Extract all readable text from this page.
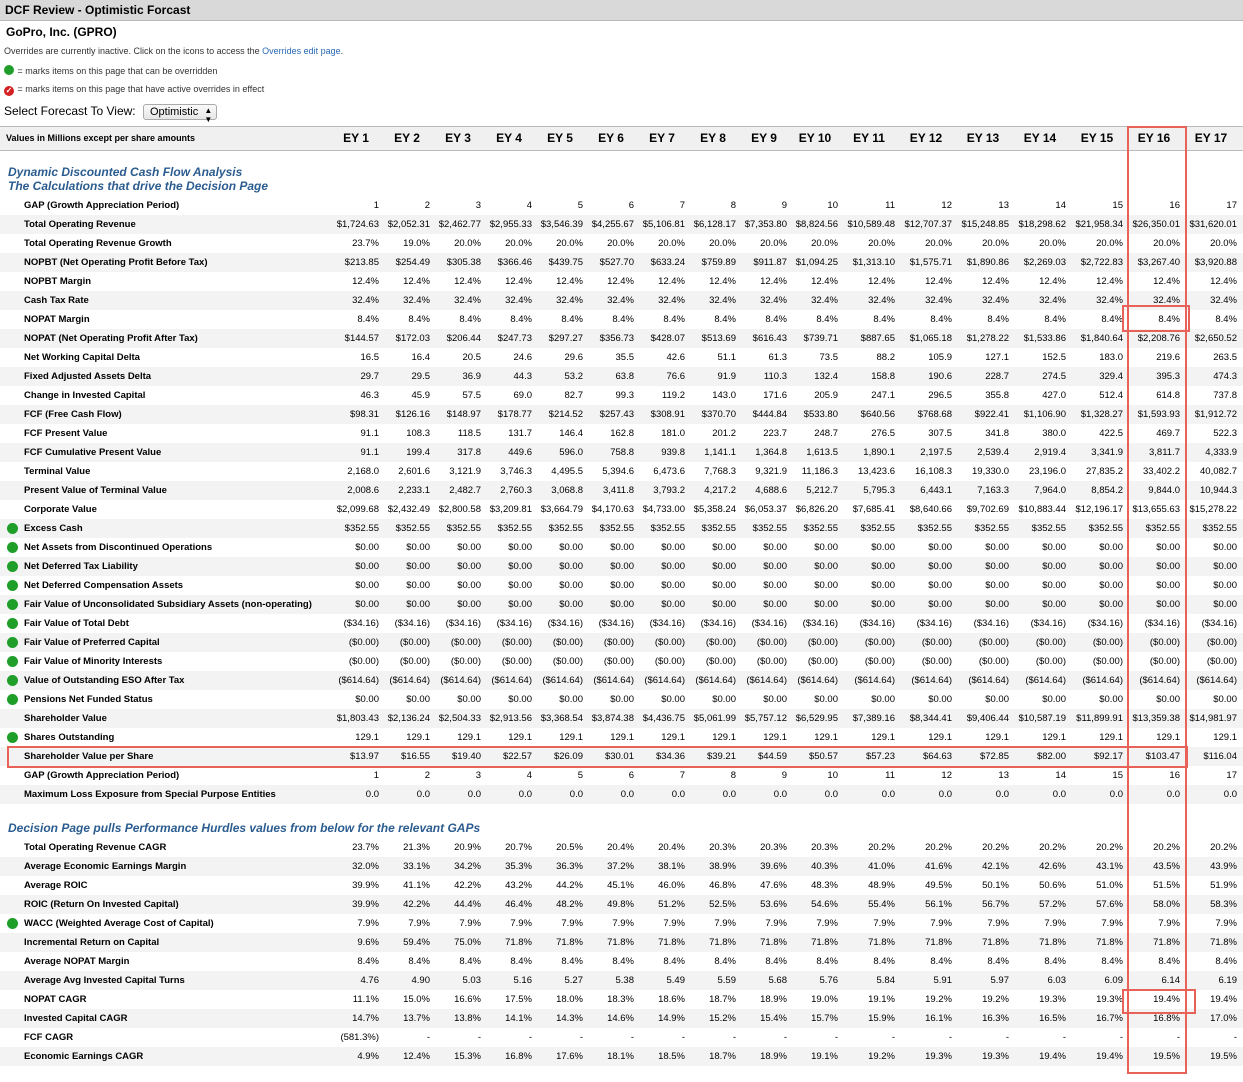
DCF Review - Optimistic Forcast
GoPro, Inc. (GPRO)
Overrides are currently inactive. Click on the icons to access the Overrides edit page.
= marks items on this page that can be overridden
✓ = marks items on this page that have active overrides in effect
Select Forecast To View: Optimistic ▲
▼
Values in Millions except per share amounts	EY 1	EY 2	EY 3	EY 4	EY 5	EY 6	EY 7	EY 8	EY 9	EY 10	EY 11	EY 12	EY 13	EY 14	EY 15	EY 16	EY 17
Dynamic Discounted Cash Flow Analysis
The Calculations that drive the Decision Page
GAP (Growth Appreciation Period)	1	2	3	4	5	6	7	8	9	10	11	12	13	14	15	16	17
Total Operating Revenue	$1,724.63 $2,052.31 $2,462.77 $2,955.33 $3,546.39 $4,255.67 $5,106.81 $6,128.17 $7,353.80 $8,824.56 $10,589.48 $12,707.37 $15,248.85 $18,298.62 $21,958.34 $26,350.01 $31,620.01
Total Operating Revenue Growth	23.7%	19.0%	20.0%	20.0%	20.0%	20.0%	20.0%	20.0%	20.0%	20.0%	20.0%	20.0%	20.0%	20.0%	20.0%	20.0%	20.0%
NOPBT (Net Operating Profit Before Tax)	$213.85 $254.49 $305.38 $366.46 $439.75 $527.70 $633.24 $759.89 $911.87 $1,094.25 $1,313.10 $1,575.71 $1,890.86 $2,269.03 $2,722.83 $3,267.40 $3,920.88
NOPBT Margin	12.4%	12.4%	12.4%	12.4%	12.4%	12.4%	12.4%	12.4%	12.4%	12.4%	12.4%	12.4%	12.4%	12.4%	12.4%	12.4%	12.4%
Cash Tax Rate	32.4%	32.4%	32.4%	32.4%	32.4%	32.4%	32.4%	32.4%	32.4%	32.4%	32.4%	32.4%	32.4%	32.4%	32.4%	32.4%	32.4%
NOPAT Margin	8.4%	8.4%	8.4%	8.4%	8.4%	8.4%	8.4%	8.4%	8.4%	8.4%	8.4%	8.4%	8.4%	8.4%	8.4%	8.4%	8.4%
NOPAT (Net Operating Profit After Tax)	$144.57 $172.03 $206.44 $247.73 $297.27 $356.73 $428.07 $513.69 $616.43 $739.71 $887.65 $1,065.18 $1,278.22 $1,533.86 $1,840.64 $2,208.76 $2,650.52
Net Working Capital Delta	16.5	16.4	20.5	24.6	29.6	35.5	42.6	51.1	61.3	73.5	88.2	105.9	127.1	152.5	183.0	219.6	263.5
Fixed Adjusted Assets Delta	29.7	29.5	36.9	44.3	53.2	63.8	76.6	91.9	110.3	132.4	158.8	190.6	228.7	274.5	329.4	395.3	474.3
Change in Invested Capital	46.3	45.9	57.5	69.0	82.7	99.3	119.2	143.0	171.6	205.9	247.1	296.5	355.8	427.0	512.4	614.8	737.8
FCF (Free Cash Flow)	$98.31 $126.16 $148.97 $178.77 $214.52 $257.43 $308.91 $370.70 $444.84 $533.80 $640.56 $768.68 $922.41 $1,106.90 $1,328.27 $1,593.93 $1,912.72
FCF Present Value	91.1	108.3	118.5	131.7	146.4	162.8	181.0	201.2	223.7	248.7	276.5	307.5	341.8	380.0	422.5	469.7	522.3
FCF Cumulative Present Value	91.1	199.4	317.8	449.6	596.0	758.8	939.8 1,141.1 1,364.8 1,613.5	1,890.1	2,197.5	2,539.4	2,919.4	3,341.9	3,811.7	4,333.9
Terminal Value	2,168.0 2,601.6 3,121.9 3,746.3 4,495.5 5,394.6 6,473.6 7,768.3 9,321.9 11,186.3 13,423.6 16,108.3 19,330.0 23,196.0 27,835.2 33,402.2 40,082.7
Present Value of Terminal Value	2,008.6 2,233.1 2,482.7 2,760.3 3,068.8 3,411.8 3,793.2 4,217.2 4,688.6 5,212.7	5,795.3	6,443.1	7,163.3	7,964.0	8,854.2	9,844.0 10,944.3
Corporate Value	$2,099.68 $2,432.49 $2,800.58 $3,209.81 $3,664.79 $4,170.63 $4,733.00 $5,358.24 $6,053.37 $6,826.20 $7,685.41 $8,640.66 $9,702.69 $10,883.44 $12,196.17 $13,655.63 $15,278.22
Excess Cash	$352.55 $352.55 $352.55 $352.55 $352.55 $352.55 $352.55 $352.55 $352.55 $352.55 $352.55 $352.55 $352.55 $352.55 $352.55 $352.55 $352.55
Net Assets from Discontinued Operations	$0.00	$0.00	$0.00	$0.00	$0.00	$0.00	$0.00	$0.00	$0.00	$0.00	$0.00	$0.00	$0.00	$0.00	$0.00	$0.00	$0.00
Net Deferred Tax Liability	$0.00	$0.00	$0.00	$0.00	$0.00	$0.00	$0.00	$0.00	$0.00	$0.00	$0.00	$0.00	$0.00	$0.00	$0.00	$0.00	$0.00
Net Deferred Compensation Assets	$0.00	$0.00	$0.00	$0.00	$0.00	$0.00	$0.00	$0.00	$0.00	$0.00	$0.00	$0.00	$0.00	$0.00	$0.00	$0.00	$0.00
Fair Value of Unconsolidated Subsidiary Assets (non-operating)	$0.00	$0.00	$0.00	$0.00	$0.00	$0.00	$0.00	$0.00	$0.00	$0.00	$0.00	$0.00	$0.00	$0.00	$0.00	$0.00	$0.00
Fair Value of Total Debt	($34.16) ($34.16) ($34.16) ($34.16) ($34.16) ($34.16) ($34.16) ($34.16) ($34.16) ($34.16) ($34.16) ($34.16) ($34.16) ($34.16) ($34.16) ($34.16) ($34.16)
Fair Value of Preferred Capital	($0.00) ($0.00) ($0.00) ($0.00) ($0.00) ($0.00) ($0.00) ($0.00) ($0.00) ($0.00)	($0.00)	($0.00)	($0.00)	($0.00)	($0.00)	($0.00)	($0.00)
Fair Value of Minority Interests	($0.00) ($0.00) ($0.00) ($0.00) ($0.00) ($0.00) ($0.00) ($0.00) ($0.00) ($0.00)	($0.00)	($0.00)	($0.00)	($0.00)	($0.00)	($0.00)	($0.00)
Value of Outstanding ESO After Tax	($614.64) ($614.64) ($614.64) ($614.64) ($614.64) ($614.64) ($614.64) ($614.64) ($614.64) ($614.64) ($614.64) ($614.64) ($614.64) ($614.64) ($614.64) ($614.64) ($614.64)
Pensions Net Funded Status	$0.00	$0.00	$0.00	$0.00	$0.00	$0.00	$0.00	$0.00	$0.00	$0.00	$0.00	$0.00	$0.00	$0.00	$0.00	$0.00	$0.00
Shareholder Value	$1,803.43 $2,136.24 $2,504.33 $2,913.56 $3,368.54 $3,874.38 $4,436.75 $5,061.99 $5,757.12 $6,529.95 $7,389.16 $8,344.41 $9,406.44 $10,587.19 $11,899.91 $13,359.38 $14,981.97
Shares Outstanding	129.1	129.1	129.1	129.1	129.1	129.1	129.1	129.1	129.1	129.1	129.1	129.1	129.1	129.1	129.1	129.1	129.1
Shareholder Value per Share	$13.97 $16.55 $19.40 $22.57 $26.09 $30.01 $34.36 $39.21 $44.59 $50.57	$57.23	$64.63	$72.85	$82.00	$92.17 $103.47 $116.04
GAP (Growth Appreciation Period)	1	2	3	4	5	6	7	8	9	10	11	12	13	14	15	16	17
Maximum Loss Exposure from Special Purpose Entities	0.0	0.0	0.0	0.0	0.0	0.0	0.0	0.0	0.0	0.0	0.0	0.0	0.0	0.0	0.0	0.0	0.0
Decision Page pulls Performance Hurdles values from below for the relevant GAPs
Total Operating Revenue CAGR	23.7%	21.3%	20.9%	20.7%	20.5%	20.4%	20.4%	20.3%	20.3%	20.3%	20.2%	20.2%	20.2%	20.2%	20.2%	20.2%	20.2%
Average Economic Earnings Margin	32.0%	33.1%	34.2%	35.3%	36.3%	37.2%	38.1%	38.9%	39.6%	40.3%	41.0%	41.6%	42.1%	42.6%	43.1%	43.5%	43.9%
Average ROIC	39.9%	41.1%	42.2%	43.2%	44.2%	45.1%	46.0%	46.8%	47.6%	48.3%	48.9%	49.5%	50.1%	50.6%	51.0%	51.5%	51.9%
ROIC (Return On Invested Capital)	39.9%	42.2%	44.4%	46.4%	48.2%	49.8%	51.2%	52.5%	53.6%	54.6%	55.4%	56.1%	56.7%	57.2%	57.6%	58.0%	58.3%
WACC (Weighted Average Cost of Capital)	7.9%	7.9%	7.9%	7.9%	7.9%	7.9%	7.9%	7.9%	7.9%	7.9%	7.9%	7.9%	7.9%	7.9%	7.9%	7.9%	7.9%
Incremental Return on Capital	9.6%	59.4%	75.0%	71.8%	71.8%	71.8%	71.8%	71.8%	71.8%	71.8%	71.8%	71.8%	71.8%	71.8%	71.8%	71.8%	71.8%
Average NOPAT Margin	8.4%	8.4%	8.4%	8.4%	8.4%	8.4%	8.4%	8.4%	8.4%	8.4%	8.4%	8.4%	8.4%	8.4%	8.4%	8.4%	8.4%
Average Avg Invested Capital Turns	4.76	4.90	5.03	5.16	5.27	5.38	5.49	5.59	5.68	5.76	5.84	5.91	5.97	6.03	6.09	6.14	6.19
NOPAT CAGR	11.1%	15.0%	16.6%	17.5%	18.0%	18.3%	18.6%	18.7%	18.9%	19.0%	19.1%	19.2%	19.2%	19.3%	19.3%	19.4%	19.4%
Invested Capital CAGR	14.7%	13.7%	13.8%	14.1%	14.3%	14.6%	14.9%	15.2%	15.4%	15.7%	15.9%	16.1%	16.3%	16.5%	16.7%	16.8%	17.0%
FCF CAGR	(581.3%)	-	-	-	-	-	-	-	-	-	-	-	-	-	-	-	-
Economic Earnings CAGR	4.9%	12.4%	15.3%	16.8%	17.6%	18.1%	18.5%	18.7%	18.9%	19.1%	19.2%	19.3%	19.3%	19.4%	19.4%	19.5%	19.5%
